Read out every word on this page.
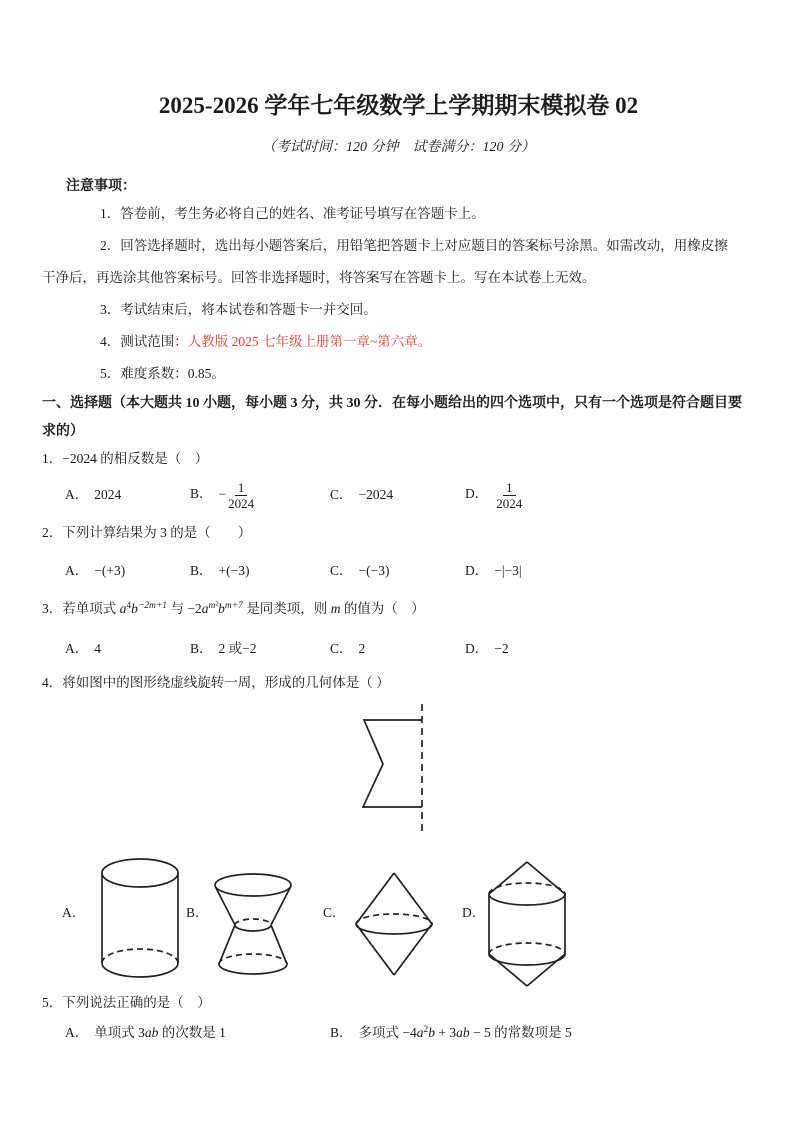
2025-2026 学年七年级数学上学期期末模拟卷 02
（考试时间：120 分钟　试卷满分：120 分）
注意事项：
1．答卷前，考生务必将自己的姓名、准考证号填写在答题卡上。
2．回答选择题时，选出每小题答案后，用铅笔把答题卡上对应题目的答案标号涂黑。如需改动，用橡皮擦
干净后，再选涂其他答案标号。回答非选择题时，将答案写在答题卡上。写在本试卷上无效。
3．考试结束后，将本试卷和答题卡一并交回。
4．测试范围：人教版 2025 七年级上册第一章~第六章。
5．难度系数：0.85。
一、选择题（本大题共 10 小题，每小题 3 分，共 30 分．在每小题给出的四个选项中，只有一个选项是符合题目要
求的）
1．−2024 的相反数是（　）
A． 2024	B． − $\frac{1}{2024}$	C． −2024	D． $\frac{1}{2024}$
2．下列计算结果为 3 的是（　　）
A． −(+3)	B． +(−3)	C． −(−3)	D． −|−3|
3．若单项式 $a^4b^{-2m+1}$ 与 $-2a^{m^2}b^{m+7}$ 是同类项，则 m 的值为（　）
A． 4	B． 2 或−2	C． 2	D． −2
4．将如图中的图形绕虚线旋转一周，形成的几何体是（ ）
A．	B．	C．	D．
5．下列说法正确的是（　）
A． 单项式 3ab 的次数是 1	B． 多项式 $-4a^2b + 3ab - 5$ 的常数项是 5
